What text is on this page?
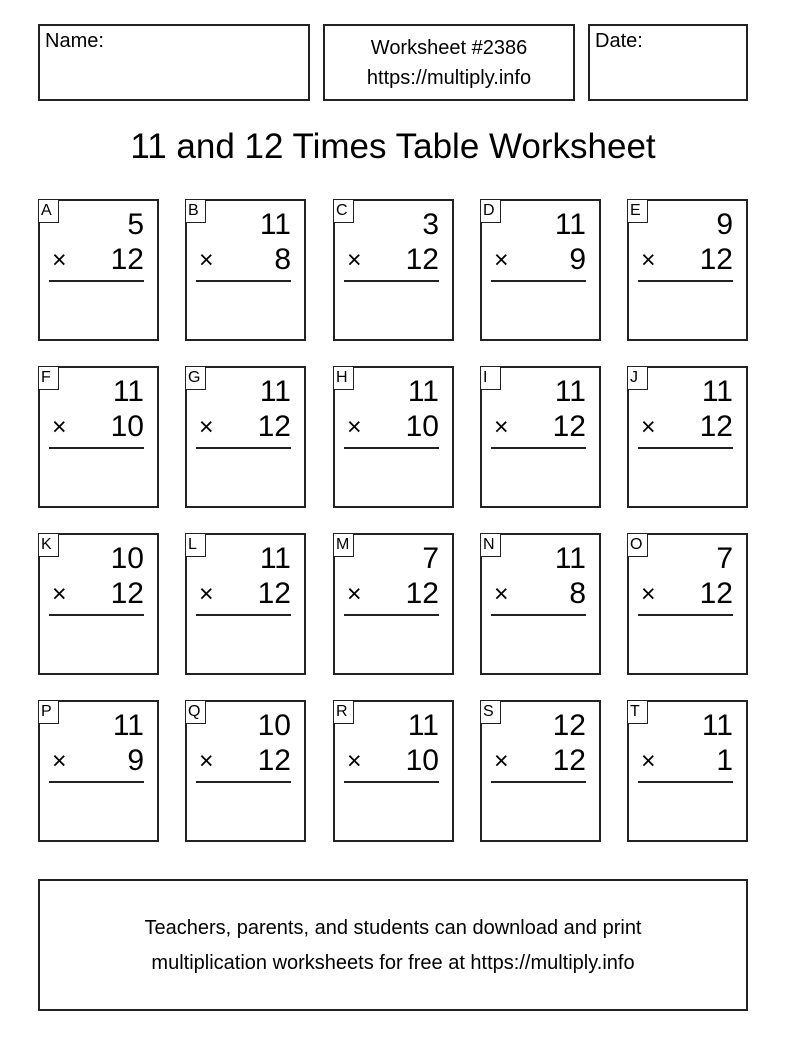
Name:	Worksheet #2386
https://multiply.info
Date:
11 and 12 Times Table Worksheet
A	5
× 12
B 11
× 8
C 3
× 12
D 11
× 9
E	9
× 12
F 11
× 10
G 11
× 12
H 11
× 10
I	11
× 12
J	11
× 12
K 10
× 12
L	11
× 12
M 7
× 12
N 11
× 8
O 7
× 12
P 11
× 9
Q 10
× 12
R 11
× 10
S 12
× 12
T 11
× 1
Teachers, parents, and students can download and print
multiplication worksheets for free at https://multiply.info
